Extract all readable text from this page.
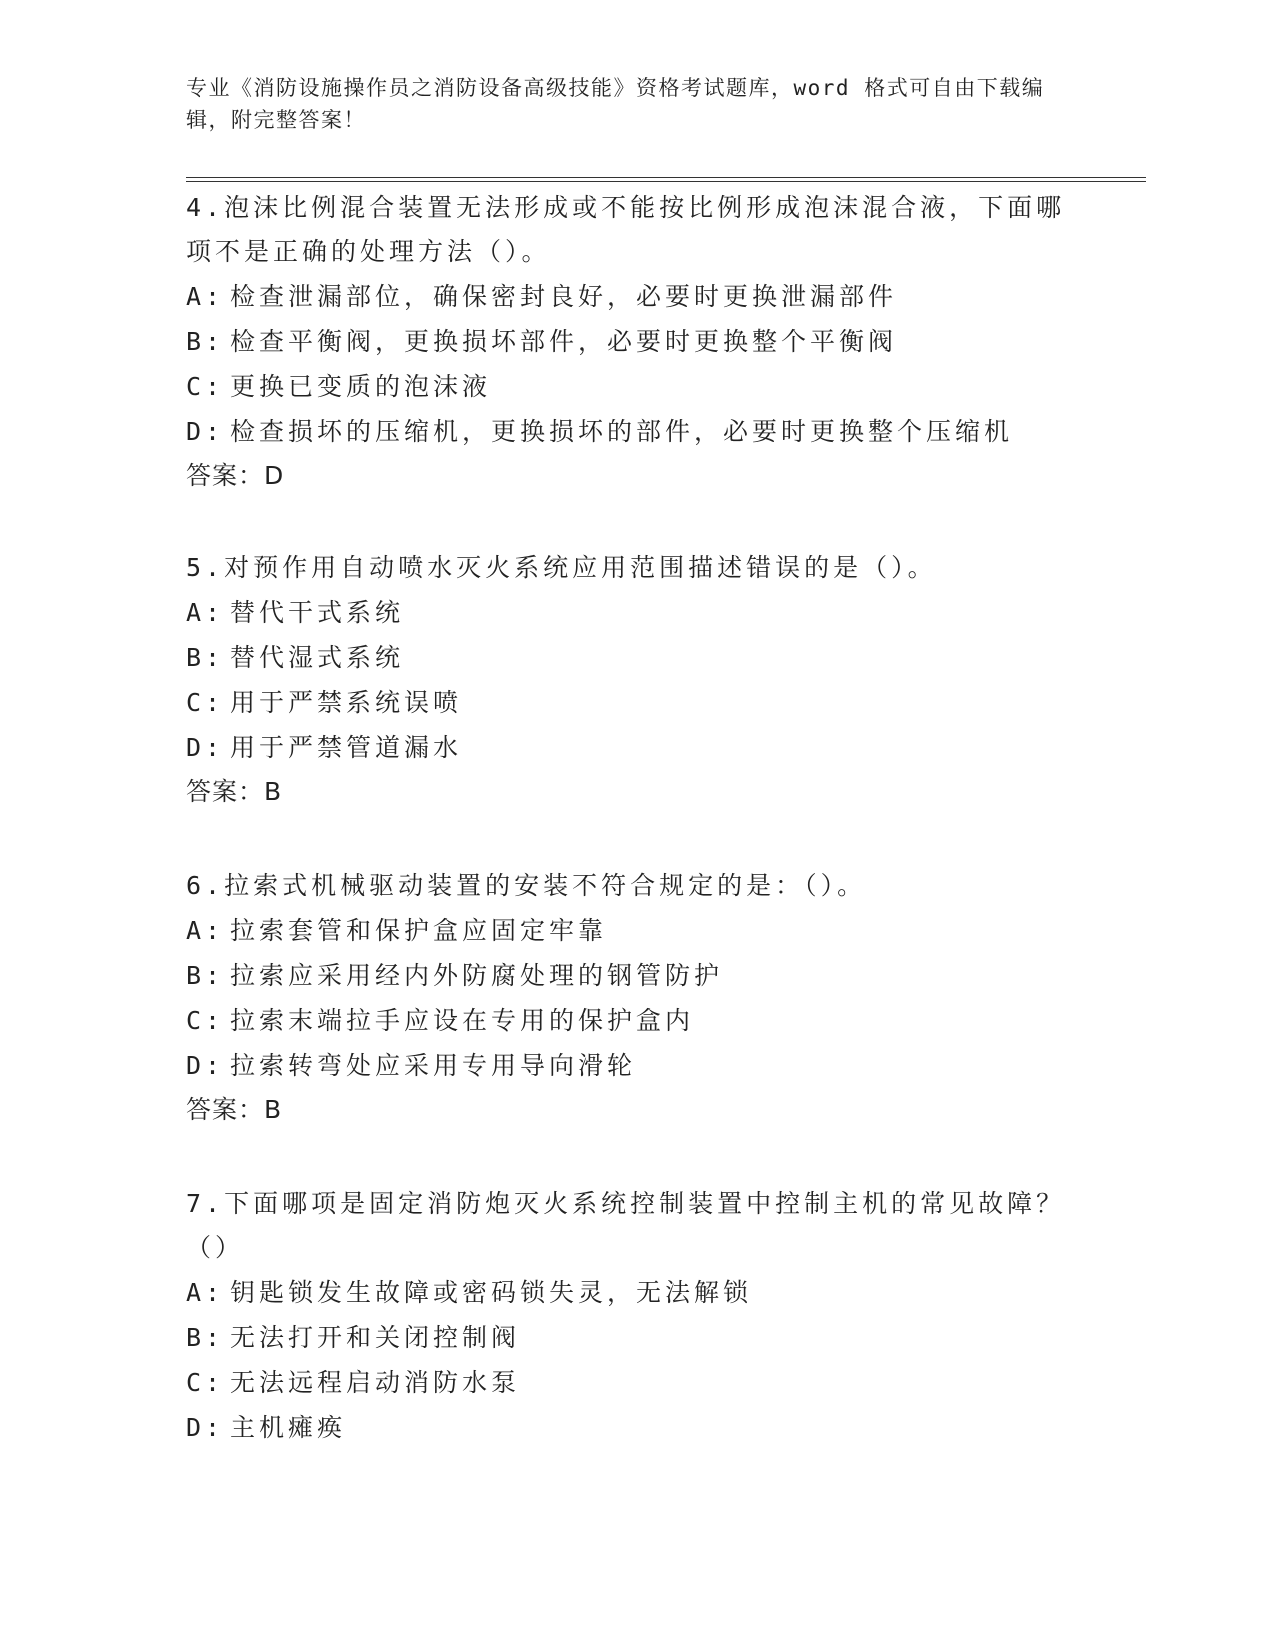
专业《消防设施操作员之消防设备高级技能》资格考试题库，word 格式可自由下载编辑，附完整答案！

4.泡沫比例混合装置无法形成或不能按比例形成泡沫混合液，下面哪项不是正确的处理方法（）。

A: 检查泄漏部位，确保密封良好，必要时更换泄漏部件

B: 检查平衡阀，更换损坏部件，必要时更换整个平衡阀

C: 更换已变质的泡沫液

D: 检查损坏的压缩机，更换损坏的部件，必要时更换整个压缩机

答案：D

5.对预作用自动喷水灭火系统应用范围描述错误的是（）。

A: 替代干式系统

B: 替代湿式系统

C: 用于严禁系统误喷

D: 用于严禁管道漏水

答案：B

6.拉索式机械驱动装置的安装不符合规定的是：（）。

A: 拉索套管和保护盒应固定牢靠

B: 拉索应采用经内外防腐处理的钢管防护

C: 拉索末端拉手应设在专用的保护盒内

D: 拉索转弯处应采用专用导向滑轮

答案：B

7.下面哪项是固定消防炮灭火系统控制装置中控制主机的常见故障？（）

A: 钥匙锁发生故障或密码锁失灵，无法解锁

B: 无法打开和关闭控制阀

C: 无法远程启动消防水泵

D: 主机瘫痪
